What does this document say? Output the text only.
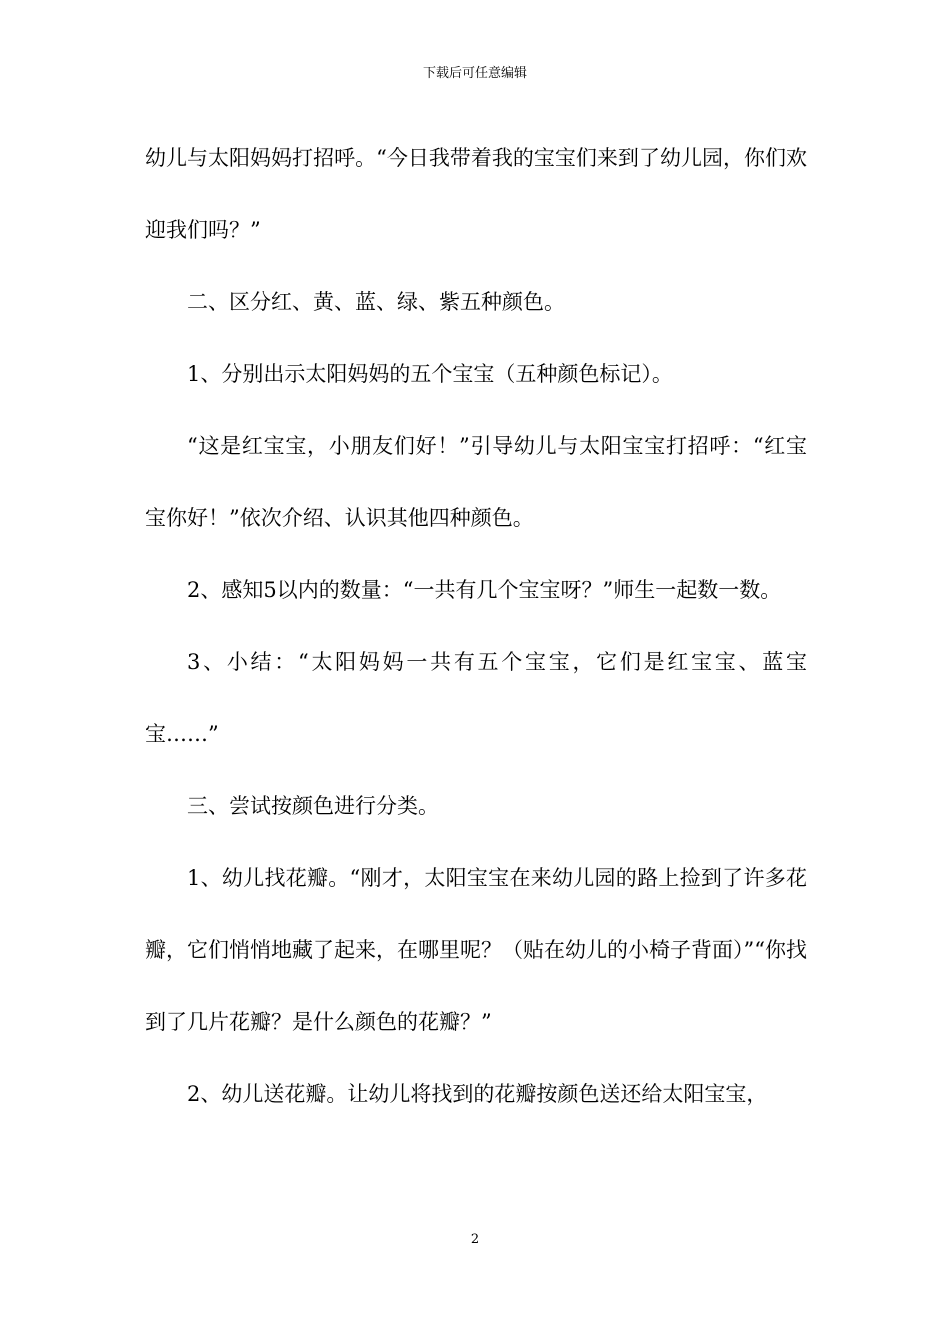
下载后可任意编辑

幼儿与太阳妈妈打招呼。“今日我带着我的宝宝们来到了幼儿园，你们欢迎我们吗？”

二、区分红、黄、蓝、绿、紫五种颜色。

1、分别出示太阳妈妈的五个宝宝（五种颜色标记）。

“这是红宝宝，小朋友们好！”引导幼儿与太阳宝宝打招呼：“红宝宝你好！”依次介绍、认识其他四种颜色。

2、感知5以内的数量：“一共有几个宝宝呀？”师生一起数一数。

3、小结：“太阳妈妈一共有五个宝宝，它们是红宝宝、蓝宝宝……”

三、尝试按颜色进行分类。

1、幼儿找花瓣。“刚才，太阳宝宝在来幼儿园的路上捡到了许多花瓣，它们悄悄地藏了起来，在哪里呢？（贴在幼儿的小椅子背面）”“你找到了几片花瓣？是什么颜色的花瓣？”

2、幼儿送花瓣。让幼儿将找到的花瓣按颜色送还给太阳宝宝，

2
